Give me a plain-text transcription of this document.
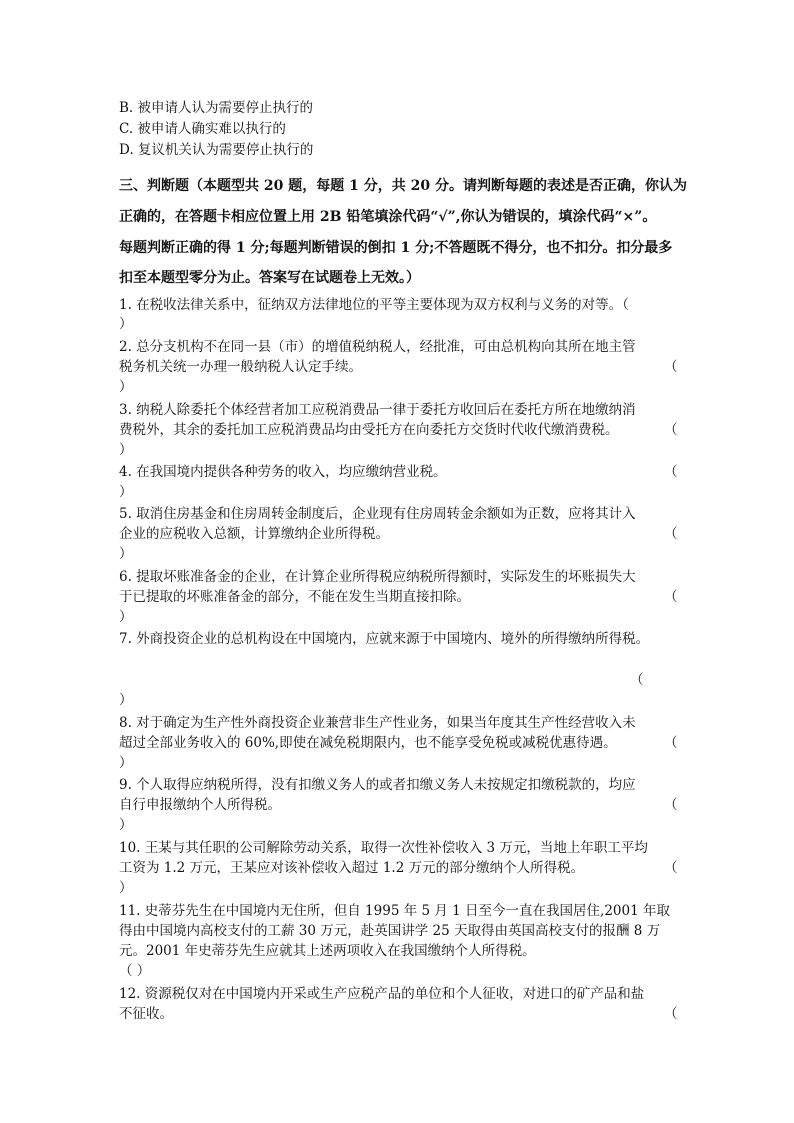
B. 被申请人认为需要停止执行的
C. 被申请人确实难以执行的
D. 复议机关认为需要停止执行的
三、判断题（本题型共 20 题，每题 1 分，共 20 分。请判断每题的表述是否正确，你认为
正确的，在答题卡相应位置上用 2B 铅笔填涂代码“√”,你认为错误的，填涂代码“×”。
每题判断正确的得 1 分;每题判断错误的倒扣 1 分;不答题既不得分，也不扣分。扣分最多
扣至本题型零分为止。答案写在试题卷上无效。）
1. 在税收法律关系中，征纳双方法律地位的平等主要体现为双方权利与义务的对等。（
）
2. 总分支机构不在同一县（市）的增值税纳税人，经批准，可由总机构向其所在地主管
税务机关统一办理一般纳税人认定手续。	（
）
3. 纳税人除委托个体经营者加工应税消费品一律于委托方收回后在委托方所在地缴纳消
费税外，其余的委托加工应税消费品均由受托方在向委托方交货时代收代缴消费税。	（
）
4. 在我国境内提供各种劳务的收入，均应缴纳营业税。	（
）
5. 取消住房基金和住房周转金制度后，企业现有住房周转金余额如为正数，应将其计入
企业的应税收入总额，计算缴纳企业所得税。	（
）
6. 提取坏账准备金的企业，在计算企业所得税应纳税所得额时，实际发生的坏账损失大
于已提取的坏账准备金的部分，不能在发生当期直接扣除。	（
）
7. 外商投资企业的总机构设在中国境内，应就来源于中国境内、境外的所得缴纳所得税。
（
）
8. 对于确定为生产性外商投资企业兼营非生产性业务，如果当年度其生产性经营收入未
超过全部业务收入的 60%,即使在减免税期限内，也不能享受免税或减税优惠待遇。	（
）
9. 个人取得应纳税所得，没有扣缴义务人的或者扣缴义务人未按规定扣缴税款的，均应
自行申报缴纳个人所得税。	（
）
10. 王某与其任职的公司解除劳动关系，取得一次性补偿收入 3 万元，当地上年职工平均
工资为 1.2 万元，王某应对该补偿收入超过 1.2 万元的部分缴纳个人所得税。	（
）
11. 史蒂芬先生在中国境内无住所，但自 1995 年 5 月 1 日至今一直在我国居住,2001 年取
得由中国境内高校支付的工薪 30 万元，赴英国讲学 25 天取得由英国高校支付的报酬 8 万
元。2001 年史蒂芬先生应就其上述两项收入在我国缴纳个人所得税。
（ ）
12. 资源税仅对在中国境内开采或生产应税产品的单位和个人征收，对进口的矿产品和盐
不征收。	（
